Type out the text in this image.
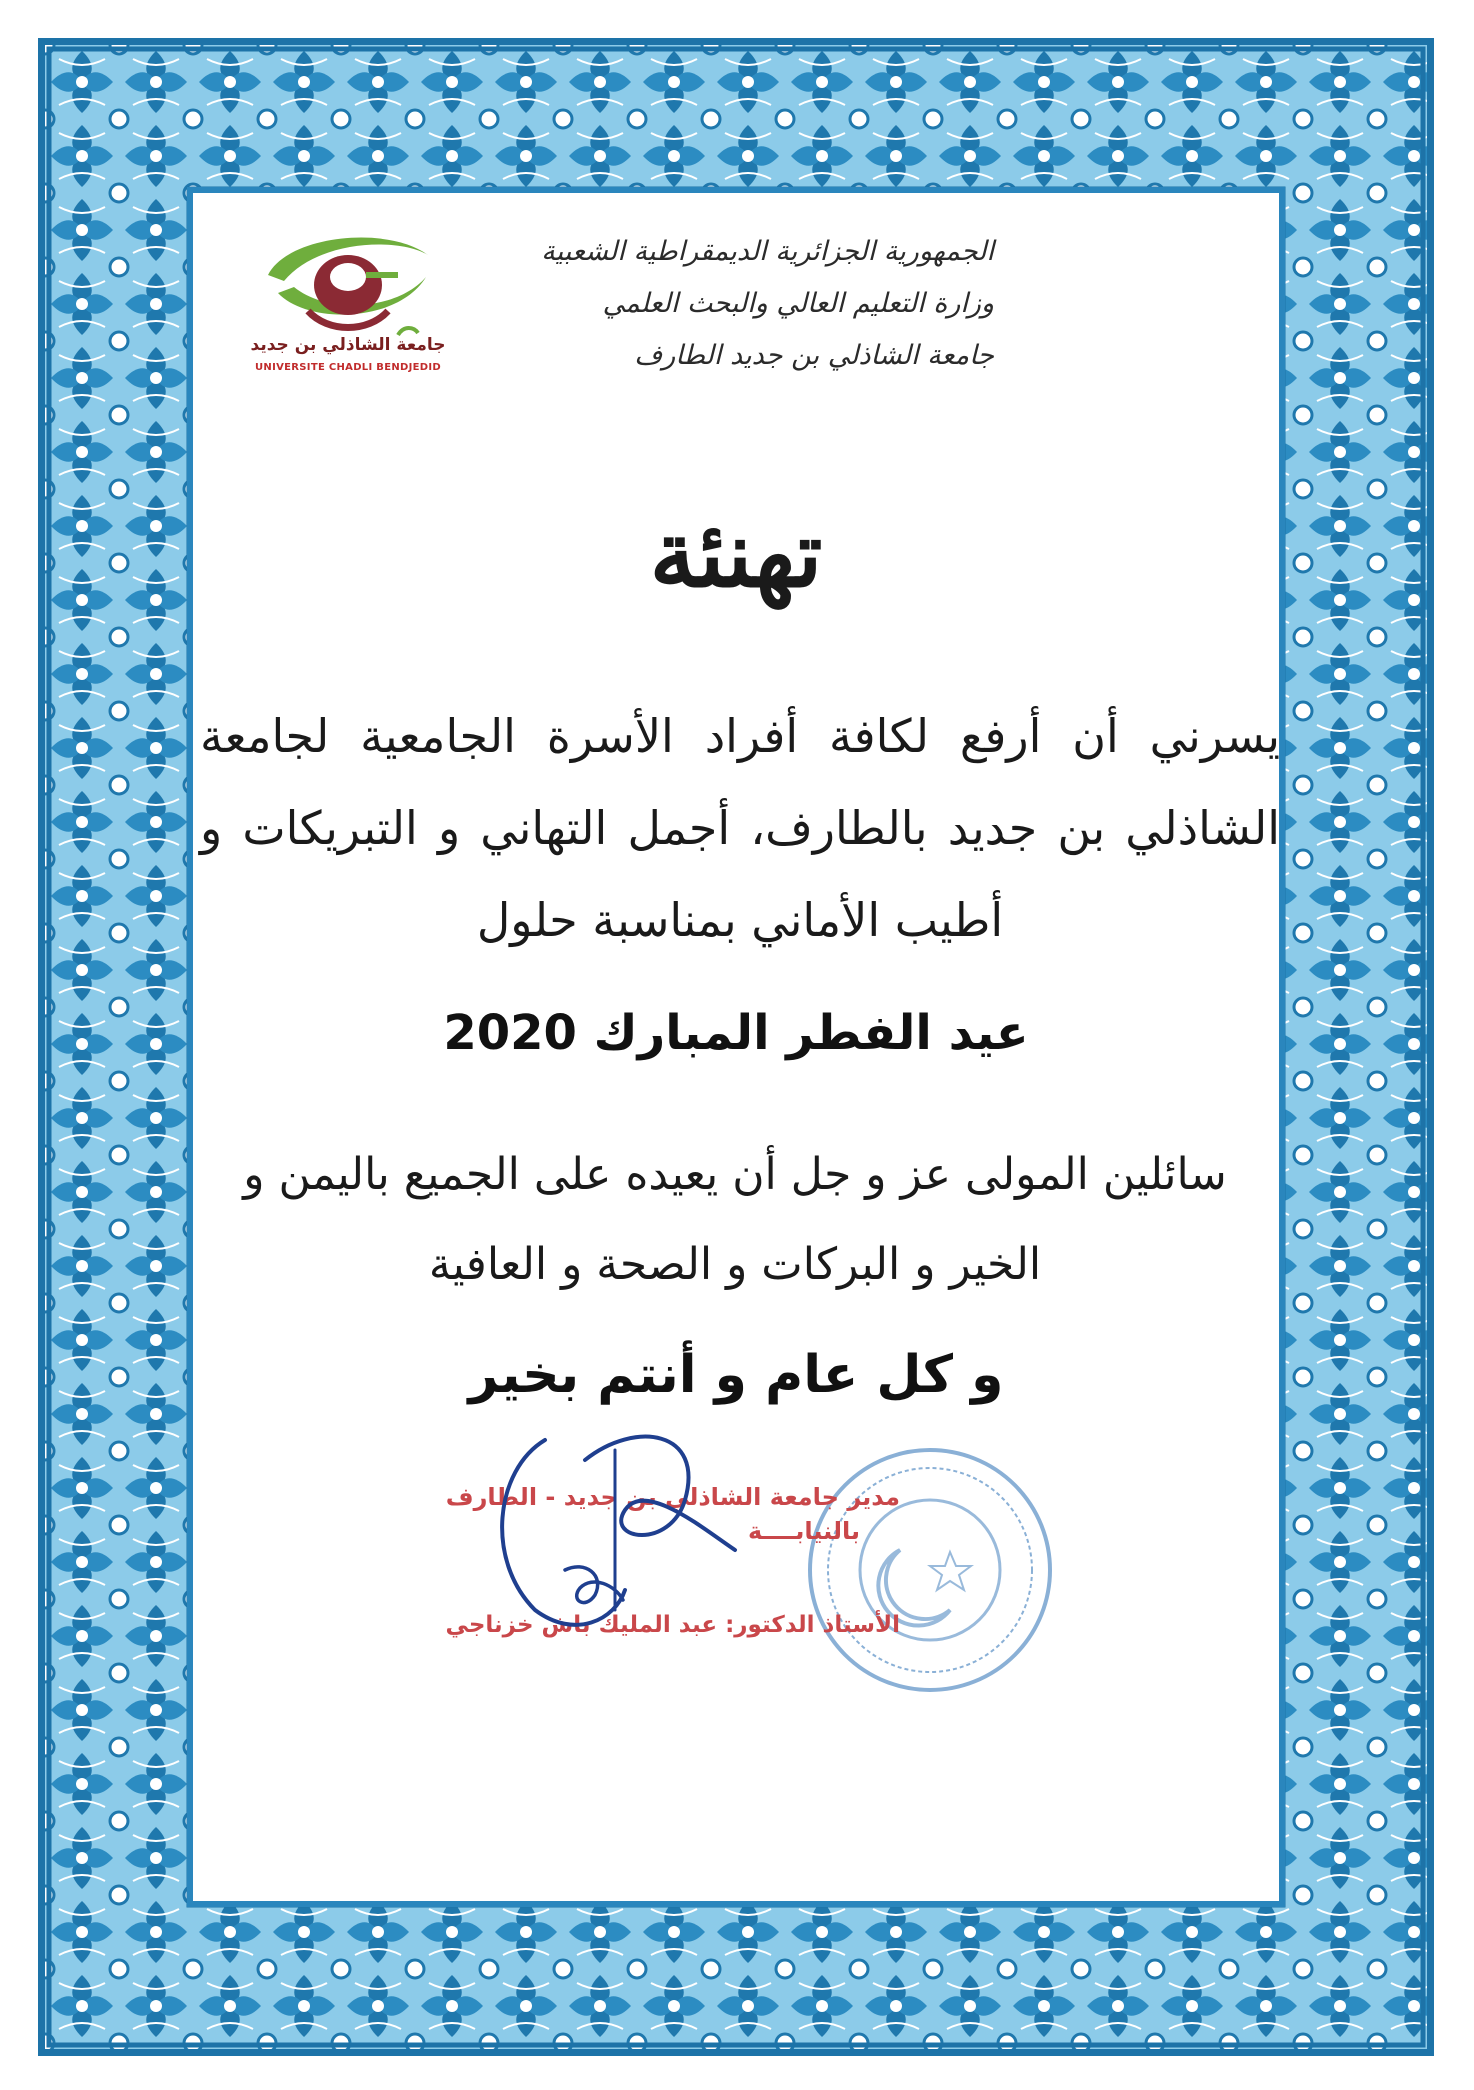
جامعة الشاذلي بن جديد
UNIVERSITE CHADLI BENDJEDID
الجمهورية الجزائرية الديمقراطية الشعبية
وزارة التعليم العالي والبحث العلمي
جامعة الشاذلي بن جديد الطارف
تهنئة
يسرني أن أرفع لكافة أفراد الأسرة الجامعية لجامعة الشاذلي بن جديد بالطارف، أجمل التهاني و التبريكات و أطيب الأماني بمناسبة حلول
عيد الفطر المبارك 2020
سائلين المولى عز و جل أن يعيده على الجميع باليمن و الخير و البركات و الصحة و العافية
و كل عام و أنتم بخير
مدير جامعة الشاذلي بن جديد - الطارف
بالنيابــــة
الأستاذ الدكتور: عبد المليك باش خزناجي
